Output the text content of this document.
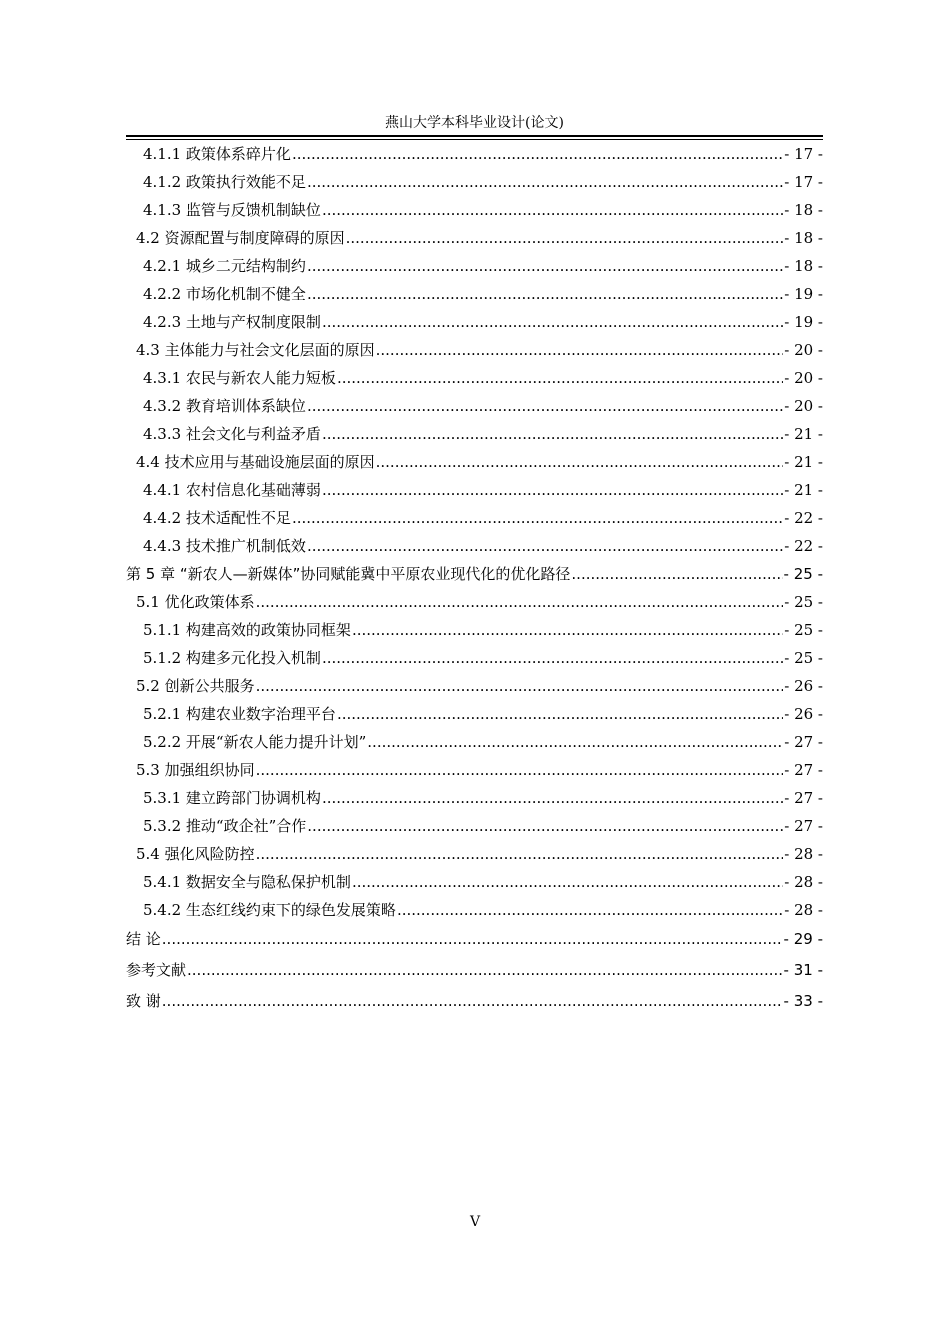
燕山大学本科毕业设计(论文)
4.1.1 政策体系碎片化 .....	- 17 -
4.1.2 政策执行效能不足 .....	- 17 -
4.1.3 监管与反馈机制缺位 .....	- 18 -
4.2 资源配置与制度障碍的原因 .....	- 18 -
4.2.1 城乡二元结构制约 .....	- 18 -
4.2.2 市场化机制不健全 .....	- 19 -
4.2.3 土地与产权制度限制 .....	- 19 -
4.3 主体能力与社会文化层面的原因 .....	- 20 -
4.3.1 农民与新农人能力短板 .....	- 20 -
4.3.2 教育培训体系缺位 .....	- 20 -
4.3.3 社会文化与利益矛盾 .....	- 21 -
4.4 技术应用与基础设施层面的原因 .....	- 21 -
4.4.1 农村信息化基础薄弱 .....	- 21 -
4.4.2 技术适配性不足 .....	- 22 -
4.4.3 技术推广机制低效 .....	- 22 -
第 5 章 “新农人—新媒体”协同赋能冀中平原农业现代化的优化路径 .....	- 25 -
5.1 优化政策体系 .....	- 25 -
5.1.1 构建高效的政策协同框架 .....	- 25 -
5.1.2 构建多元化投入机制 .....	- 25 -
5.2 创新公共服务 .....	- 26 -
5.2.1 构建农业数字治理平台 .....	- 26 -
5.2.2 开展“新农人能力提升计划” .....	- 27 -
5.3 加强组织协同 .....	- 27 -
5.3.1 建立跨部门协调机构 .....	- 27 -
5.3.2 推动“政企社”合作 .....	- 27 -
5.4 强化风险防控 .....	- 28 -
5.4.1 数据安全与隐私保护机制 .....	- 28 -
5.4.2 生态红线约束下的绿色发展策略 .....	- 28 -
结 论 .....	- 29 -
参考文献 .....	- 31 -
致 谢 .....	- 33 -
V
